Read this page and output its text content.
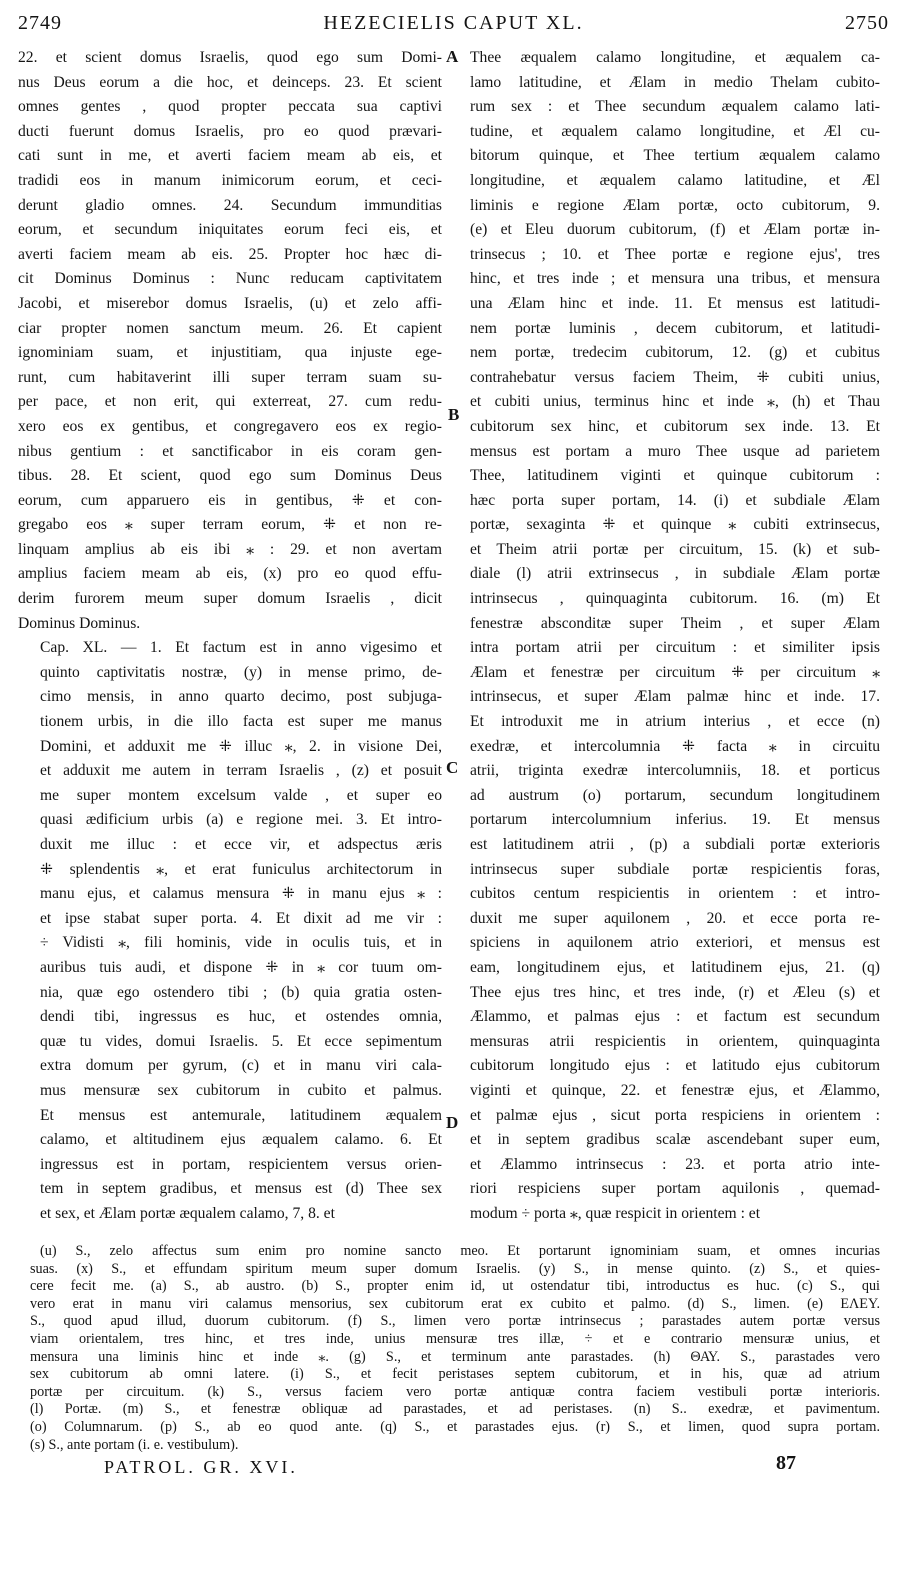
2749	HEZECIELIS CAPUT XL.	2750

22. et scient domus Israelis, quod ego sum Domi-
nus Deus eorum a die hoc, et deinceps. 23. Et scient
omnes gentes , quod propter peccata sua captivi
ducti fuerunt domus Israelis, pro eo quod prævari-
cati sunt in me, et averti faciem meam ab eis, et
tradidi eos in manum inimicorum eorum, et ceci-
derunt gladio omnes. 24. Secundum immunditias
eorum, et secundum iniquitates eorum feci eis, et
averti faciem meam ab eis. 25. Propter hoc hæc di-
cit Dominus Dominus : Nunc reducam captivitatem
Jacobi, et miserebor domus Israelis, (u) et zelo affi-
ciar propter nomen sanctum meum. 26. Et capient
ignominiam suam, et injustitiam, qua injuste ege-
runt, cum habitaverint illi super terram suam su-
per pace, et non erit, qui exterreat, 27. cum redu-
xero eos ex gentibus, et congregavero eos ex regio-
nibus gentium : et sanctificabor in eis coram gen-
tibus. 28. Et scient, quod ego sum Dominus Deus
eorum, cum apparuero eis in gentibus, ⁜ et con-
gregabo eos ⁎ super terram eorum, ⁜ et non re-
linquam amplius ab eis ibi ⁎ : 29. et non avertam
amplius faciem meam ab eis, (x) pro eo quod effu-
derim furorem meum super domum Israelis , dicit
Dominus Dominus.

Cap. XL. — 1. Et factum est in anno vigesimo et
quinto captivitatis nostræ, (y) in mense primo, de-
cimo mensis, in anno quarto decimo, post subjuga-
tionem urbis, in die illo facta est super me manus
Domini, et adduxit me ⁜ illuc ⁎, 2. in visione Dei,
et adduxit me autem in terram Israelis , (z) et posuit
me super montem excelsum valde , et super eo
quasi ædificium urbis (a) e regione mei. 3. Et intro-
duxit me illuc : et ecce vir, et adspectus æris
⁜ splendentis ⁎, et erat funiculus architectorum in
manu ejus, et calamus mensura ⁜ in manu ejus ⁎ :
et ipse stabat super porta. 4. Et dixit ad me vir :
÷ Vidisti ⁎, fili hominis, vide in oculis tuis, et in
auribus tuis audi, et dispone ⁜ in ⁎ cor tuum om-
nia, quæ ego ostendero tibi ; (b) quia gratia osten-
dendi tibi, ingressus es huc, et ostendes omnia,
quæ tu vides, domui Israelis. 5. Et ecce sepimentum
extra domum per gyrum, (c) et in manu viri cala-
mus mensuræ sex cubitorum in cubito et palmus.
Et mensus est antemurale, latitudinem æqualem
calamo, et altitudinem ejus æqualem calamo. 6. Et
ingressus est in portam, respicientem versus orien-
tem in septem gradibus, et mensus est (d) Thee sex
et sex, et Ælam portæ æqualem calamo, 7, 8. et

A
B
C
D

Thee æqualem calamo longitudine, et æqualem ca-
lamo latitudine, et Ælam in medio Thelam cubito-
rum sex : et Thee secundum æqualem calamo lati-
tudine, et æqualem calamo longitudine, et Æl cu-
bitorum quinque, et Thee tertium æqualem calamo
longitudine, et æqualem calamo latitudine, et Æl
liminis e regione Ælam portæ, octo cubitorum, 9.
(e) et Eleu duorum cubitorum, (f) et Ælam portæ in-
trinsecus ; 10. et Thee portæ e regione ejus', tres
hinc, et tres inde ; et mensura una tribus, et mensura
una Ælam hinc et inde. 11. Et mensus est latitudi-
nem portæ luminis , decem cubitorum, et latitudi-
nem portæ, tredecim cubitorum, 12. (g) et cubitus
contrahebatur versus faciem Theim, ⁜ cubiti unius,
et cubiti unius, terminus hinc et inde ⁎, (h) et Thau
cubitorum sex hinc, et cubitorum sex inde. 13. Et
mensus est portam a muro Thee usque ad parietem
Thee, latitudinem viginti et quinque cubitorum :
hæc porta super portam, 14. (i) et subdiale Ælam
portæ, sexaginta ⁜ et quinque ⁎ cubiti extrinsecus,
et Theim atrii portæ per circuitum, 15. (k) et sub-
diale (l) atrii extrinsecus , in subdiale Ælam portæ
intrinsecus , quinquaginta cubitorum. 16. (m) Et
fenestræ absconditæ super Theim , et super Ælam
intra portam atrii per circuitum : et similiter ipsis
Ælam et fenestræ per circuitum ⁜ per circuitum ⁎
intrinsecus, et super Ælam palmæ hinc et inde. 17.
Et introduxit me in atrium interius , et ecce (n)
exedræ, et intercolumnia ⁜ facta ⁎ in circuitu
atrii, triginta exedræ intercolumniis, 18. et porticus
ad austrum (o) portarum, secundum longitudinem
portarum intercolumnium inferius. 19. Et mensus
est latitudinem atrii , (p) a subdiali portæ exterioris
intrinsecus super subdiale portæ respicientis foras,
cubitos centum respicientis in orientem : et intro-
duxit me super aquilonem , 20. et ecce porta re-
spiciens in aquilonem atrio exteriori, et mensus est
eam, longitudinem ejus, et latitudinem ejus, 21. (q)
Thee ejus tres hinc, et tres inde, (r) et Æleu (s) et
Ælammo, et palmas ejus : et factum est secundum
mensuras atrii respicientis in orientem, quinquaginta
cubitorum longitudo ejus : et latitudo ejus cubitorum
viginti et quinque, 22. et fenestræ ejus, et Ælammo,
et palmæ ejus , sicut porta respiciens in orientem :
et in septem gradibus scalæ ascendebant super eum,
et Ælammo intrinsecus : 23. et porta atrio inte-
riori respiciens super portam aquilonis , quemad-
modum ÷ porta ⁎, quæ respicit in orientem : et

(u) S., zelo affectus sum enim pro nomine sancto meo. Et portarunt ignominiam suam, et omnes incurias
suas. (x) S., et effundam spiritum meum super domum Israelis. (y) S., in mense quinto. (z) S., et quies-
cere fecit me. (a) S., ab austro. (b) S., propter enim id, ut ostendatur tibi, introductus es huc. (c) S., qui
vero erat in manu viri calamus mensorius, sex cubitorum erat ex cubito et palmo. (d) S., limen. (e) ΕΛΕΥ.
S., quod apud illud, duorum cubitorum. (f) S., limen vero portæ intrinsecus ; parastades autem portæ versus
viam orientalem, tres hinc, et tres inde, unius mensuræ tres illæ, ÷ et e contrario mensuræ unius, et
mensura una liminis hinc et inde ⁎. (g) S., et terminum ante parastades. (h) ΘΑΥ. S., parastades vero
sex cubitorum ab omni latere. (i) S., et fecit peristases septem cubitorum, et in his, quæ ad atrium
portæ per circuitum. (k) S., versus faciem vero portæ antiquæ contra faciem vestibuli portæ interioris.
(l) Portæ. (m) S., et fenestræ obliquæ ad parastades, et ad peristases. (n) S.. exedræ, et pavimentum.
(o) Columnarum. (p) S., ab eo quod ante. (q) S., et parastades ejus. (r) S., et limen, quod supra portam.
(s) S., ante portam (i. e. vestibulum).
PATROL. GR. XVI.	87
